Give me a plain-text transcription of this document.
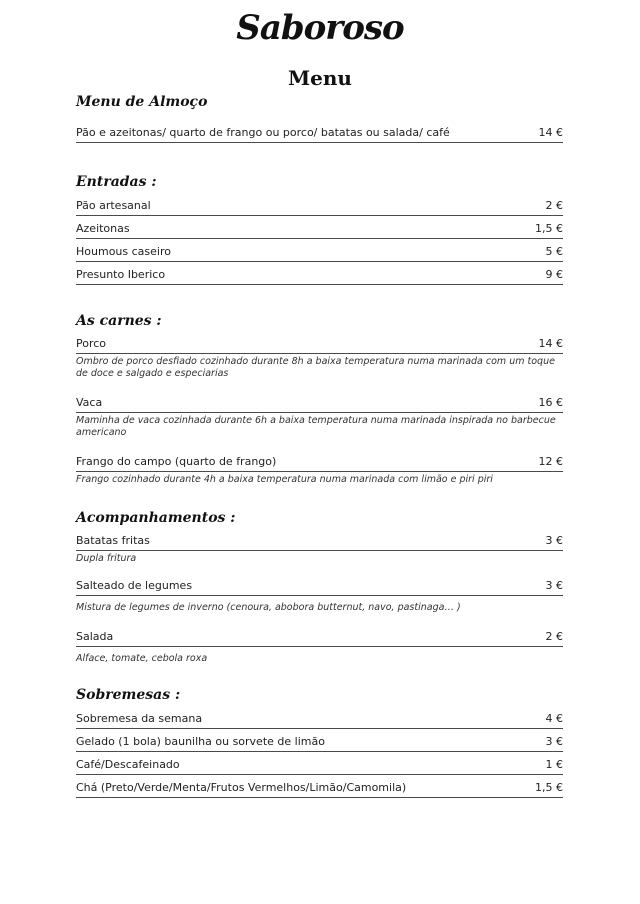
Saboroso
Menu
Menu de Almoço
Pão e azeitonas/ quarto de frango ou porco/ batatas ou salada/ café	14 €
Entradas :
Pão artesanal	2 €
Azeitonas	1,5 €
Houmous caseiro	5 €
Presunto Iberico	9 €
As carnes :
Porco	14 €
Ombro de porco desfiado cozinhado durante 8h a baixa temperatura numa marinada com um toque de doce e salgado e especiarias
Vaca	16 €
Maminha de vaca cozinhada durante 6h a baixa temperatura numa marinada inspirada no barbecue americano
Frango do campo (quarto de frango)	12 €
Frango cozinhado durante 4h a baixa temperatura numa marinada com limão e piri piri
Acompanhamentos :
Batatas fritas	3 €
Dupla fritura
Salteado de legumes	3 €
Mistura de legumes de inverno (cenoura, abobora butternut, navo, pastinaga… )
Salada	2 €
Alface, tomate, cebola roxa
Sobremesas :
Sobremesa da semana	4 €
Gelado (1 bola) baunilha ou sorvete de limão	3 €
Café/Descafeinado	1 €
Chá (Preto/Verde/Menta/Frutos Vermelhos/Limão/Camomila)	1,5 €
